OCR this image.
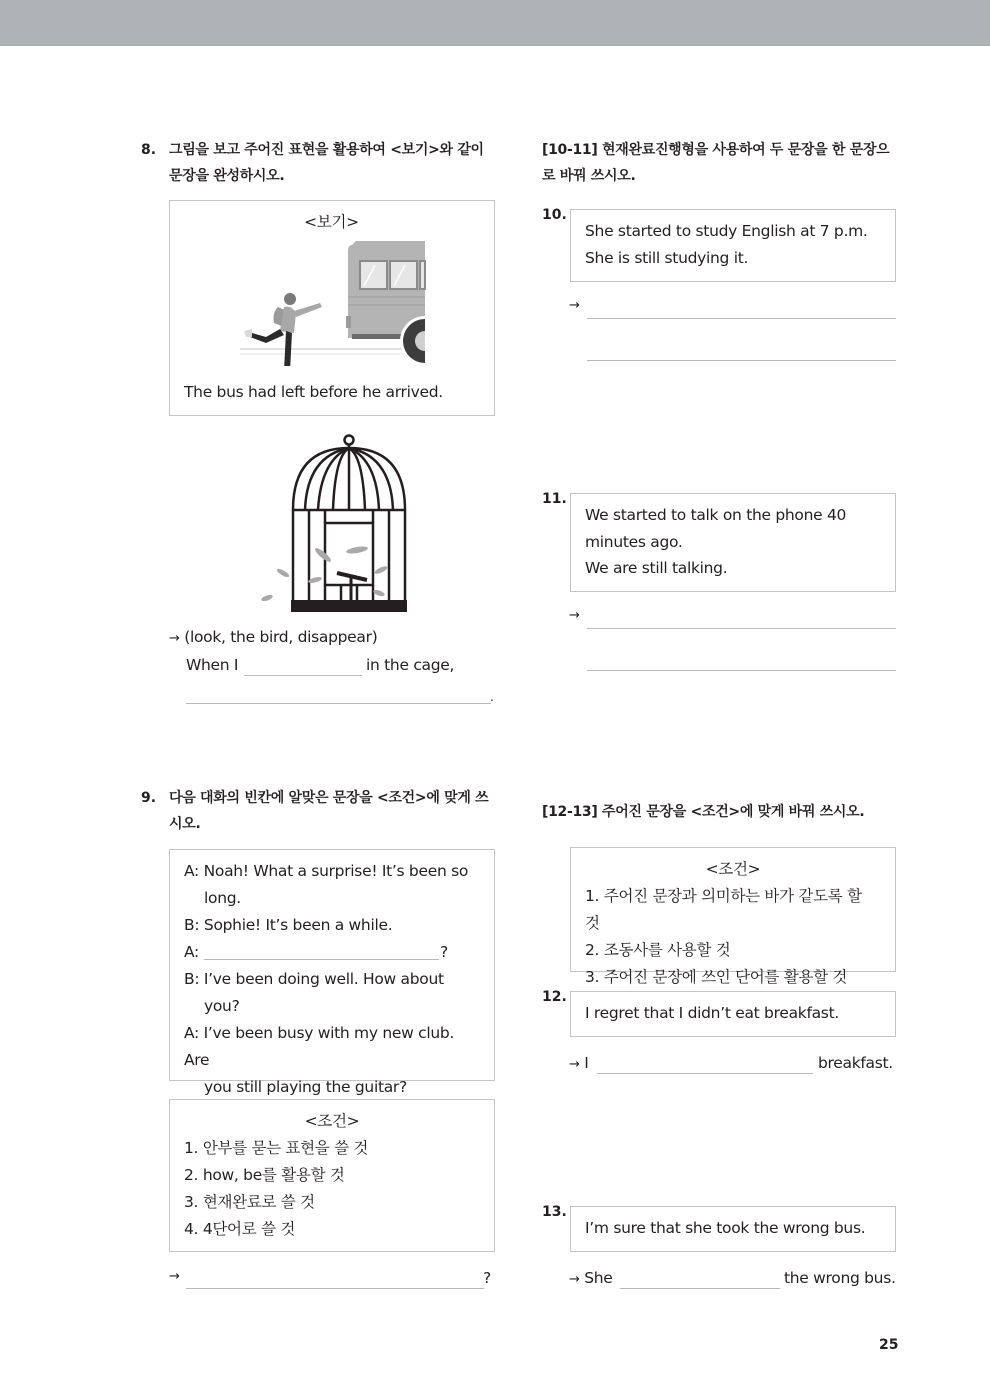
8. 그림을 보고 주어진 표현을 활용하여 <보기>와 같이
문장을 완성하시오.
<보기>
The bus had left before he arrived.
→ (look, the bird, disappear)
When I	in the cage,
.
[10-11] 현재완료진행형을 사용하여 두 문장을 한 문장으
로 바꿔 쓰시오.
10.
She started to study English at 7 p.m.
She is still studying it.
→
11.
We started to talk on the phone 40
minutes ago.
We are still talking.
→
9. 다음 대화의 빈칸에 알맞은 문장을 <조건>에 맞게 쓰
시오.
A: Noah! What a surprise! It’s been so
long.
B: Sophie! It’s been a while.
A:	?
B: I’ve been doing well. How about
you?
A: I’ve been busy with my new club. Are
you still playing the guitar?
<조건>
1. 안부를 묻는 표현을 쓸 것
2. how, be를 활용할 것
3. 현재완료로 쓸 것
4. 4단어로 쓸 것
→	?
[12-13] 주어진 문장을 <조건>에 맞게 바꿔 쓰시오.
<조건>
1. 주어진 문장과 의미하는 바가 같도록 할 것
2. 조동사를 사용할 것
3. 주어진 문장에 쓰인 단어를 활용할 것
12.
I regret that I didn’t eat breakfast.
→ I	breakfast.
13.
I’m sure that she took the wrong bus.
→ She	the wrong bus.
25
